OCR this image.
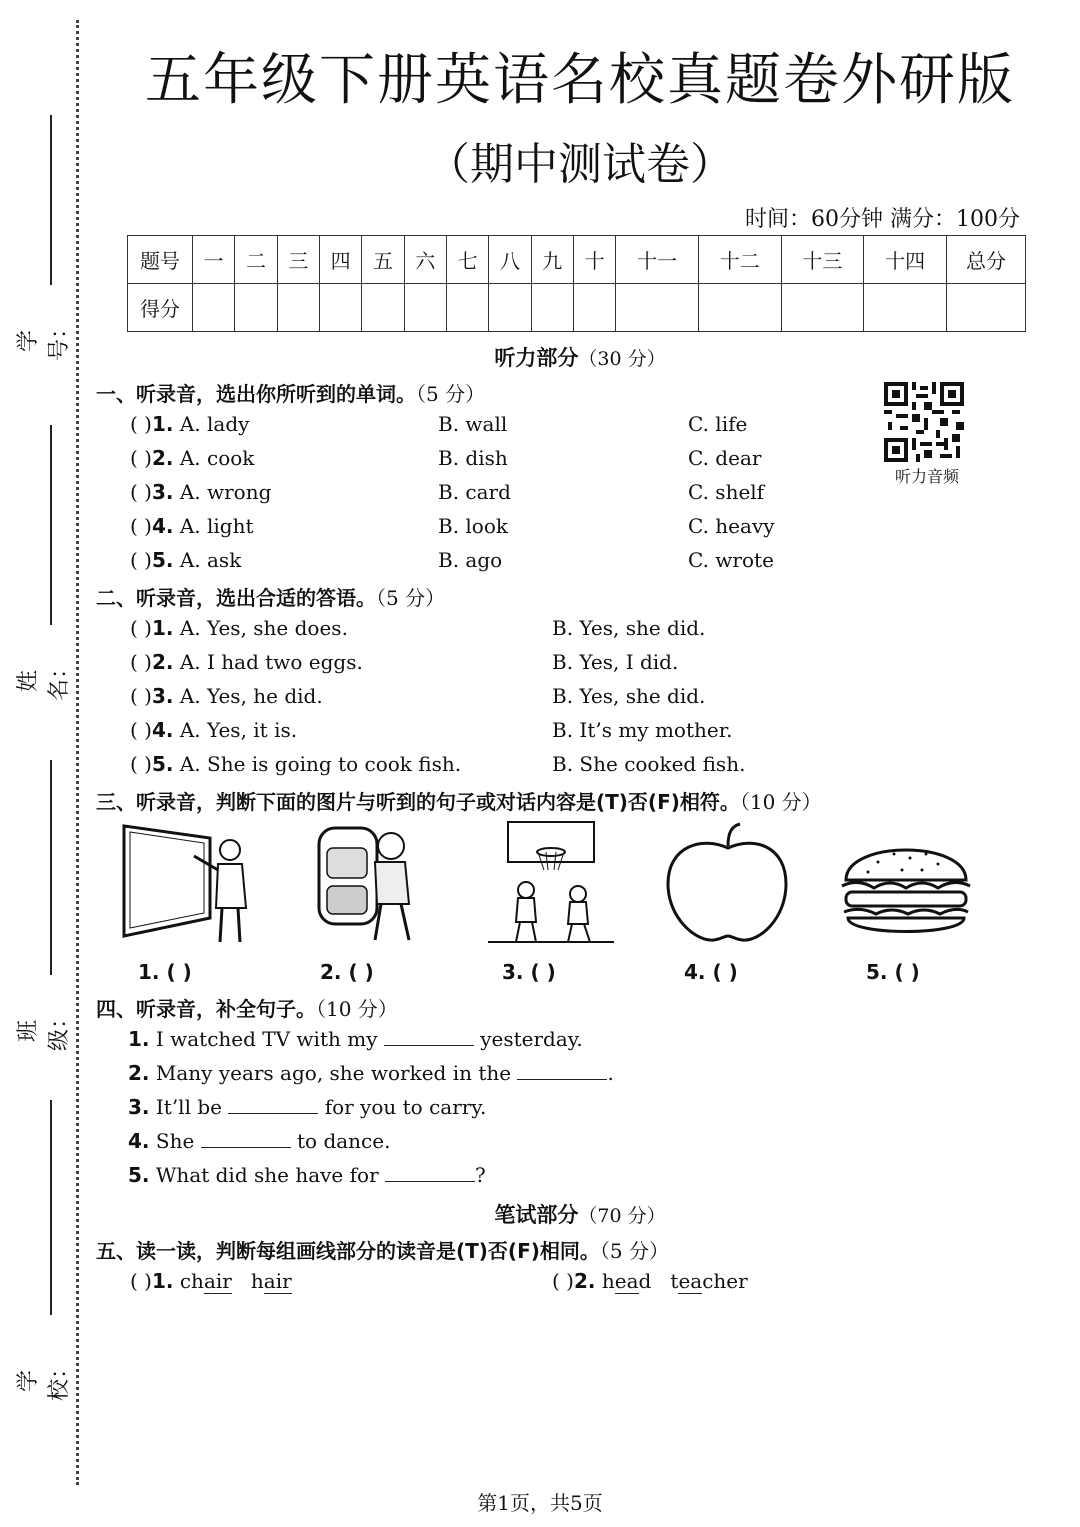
学号：
姓名：
班级：
学校：
五年级下册英语名校真题卷外研版
（期中测试卷）
时间：60分钟 满分：100分
题号	一	二	三	四	五	六	七	八	九	十	十一	十二	十三	十四	总分
得分															
听力部分（30 分）
听力音频
一、听录音，选出你所听到的单词。（5 分）
( )1. A. lady	B. wall	C. life
( )2. A. cook	B. dish	C. dear
( )3. A. wrong	B. card	C. shelf
( )4. A. light	B. look	C. heavy
( )5. A. ask	B. ago	C. wrote
二、听录音，选出合适的答语。（5 分）
( )1. A. Yes, she does.	B. Yes, she did.
( )2. A. I had two eggs.	B. Yes, I did.
( )3. A. Yes, he did.	B. Yes, she did.
( )4. A. Yes, it is.	B. It’s my mother.
( )5. A. She is going to cook fish.	B. She cooked fish.
三、听录音，判断下面的图片与听到的句子或对话内容是(T)否(F)相符。（10 分）
1. ( )	2. ( )	3. ( )	4. ( )	5. ( )
四、听录音，补全句子。（10 分）
1. I watched TV with my	yesterday.
2. Many years ago, she worked in the	.
3. It’ll be	for you to carry.
4. She	to dance.
5. What did she have for	?
笔试部分（70 分）
五、读一读，判断每组画线部分的读音是(T)否(F)相同。（5 分）
( )1. chair hair	( )2. head teacher
第1页，共5页
